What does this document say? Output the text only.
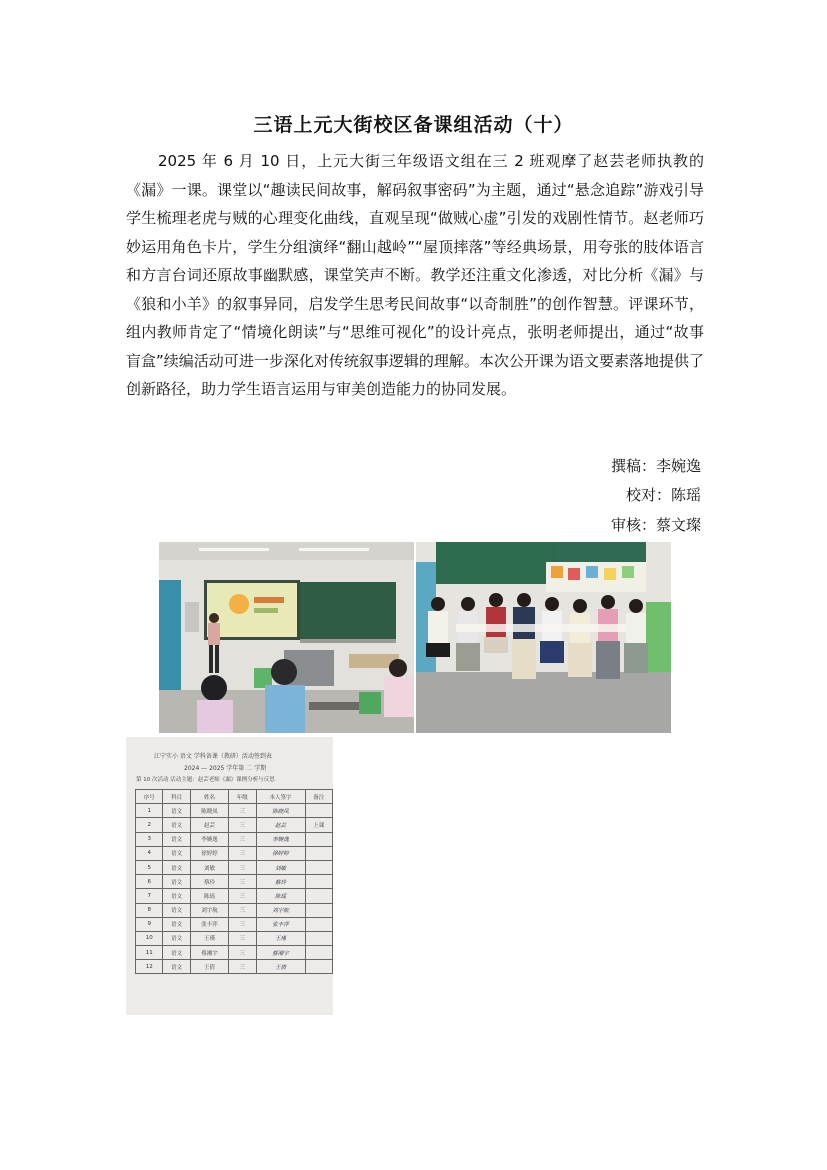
三语上元大街校区备课组活动（十）
2025 年 6 月 10 日，上元大街三年级语文组在三 2 班观摩了赵芸老师执教的《漏》一课。课堂以“趣读民间故事，解码叙事密码”为主题，通过“悬念追踪”游戏引导学生梳理老虎与贼的心理变化曲线，直观呈现“做贼心虚”引发的戏剧性情节。赵老师巧妙运用角色卡片，学生分组演绎“翻山越岭”“屋顶摔落”等经典场景，用夸张的肢体语言和方言台词还原故事幽默感，课堂笑声不断。教学还注重文化渗透，对比分析《漏》与《狼和小羊》的叙事异同，启发学生思考民间故事“以奇制胜”的创作智慧。评课环节，组内教师肯定了“情境化朗读”与“思维可视化”的设计亮点，张明老师提出，通过“故事盲盒”续编活动可进一步深化对传统叙事逻辑的理解。本次公开课为语文要素落地提供了创新路径，助力学生语言运用与审美创造能力的协同发展。
撰稿：李婉逸
校对：陈瑶
审核：蔡文璨
江宁实小 语文 学科备课（教研）活动签到表
2024 — 2025 学年第 二 学期
第 10 次活动 活动主题：赵芸老师《漏》课例分析与反思
序号	科目	姓名	年级	本人签字	备注
1	语文	陈晓凤	三	陈晓凤	
2	语文	赵芸	三	赵芸	上课
3	语文	李婉逸	三	李婉逸	
4	语文	徐婷婷	三	徐婷婷	
5	语文	刘敏	三	刘敏	
6	语文	蔡玲	三	蔡玲	
7	语文	陈瑶	三	陈瑶	
8	语文	刘宇航	三	刘宇航	
9	语文	张丰萍	三	张丰萍	
10	语文	王瑾	三	王瑾	
11	语文	蔡湘宇	三	蔡湘宇	
12	语文	王倩	三	王倩	
